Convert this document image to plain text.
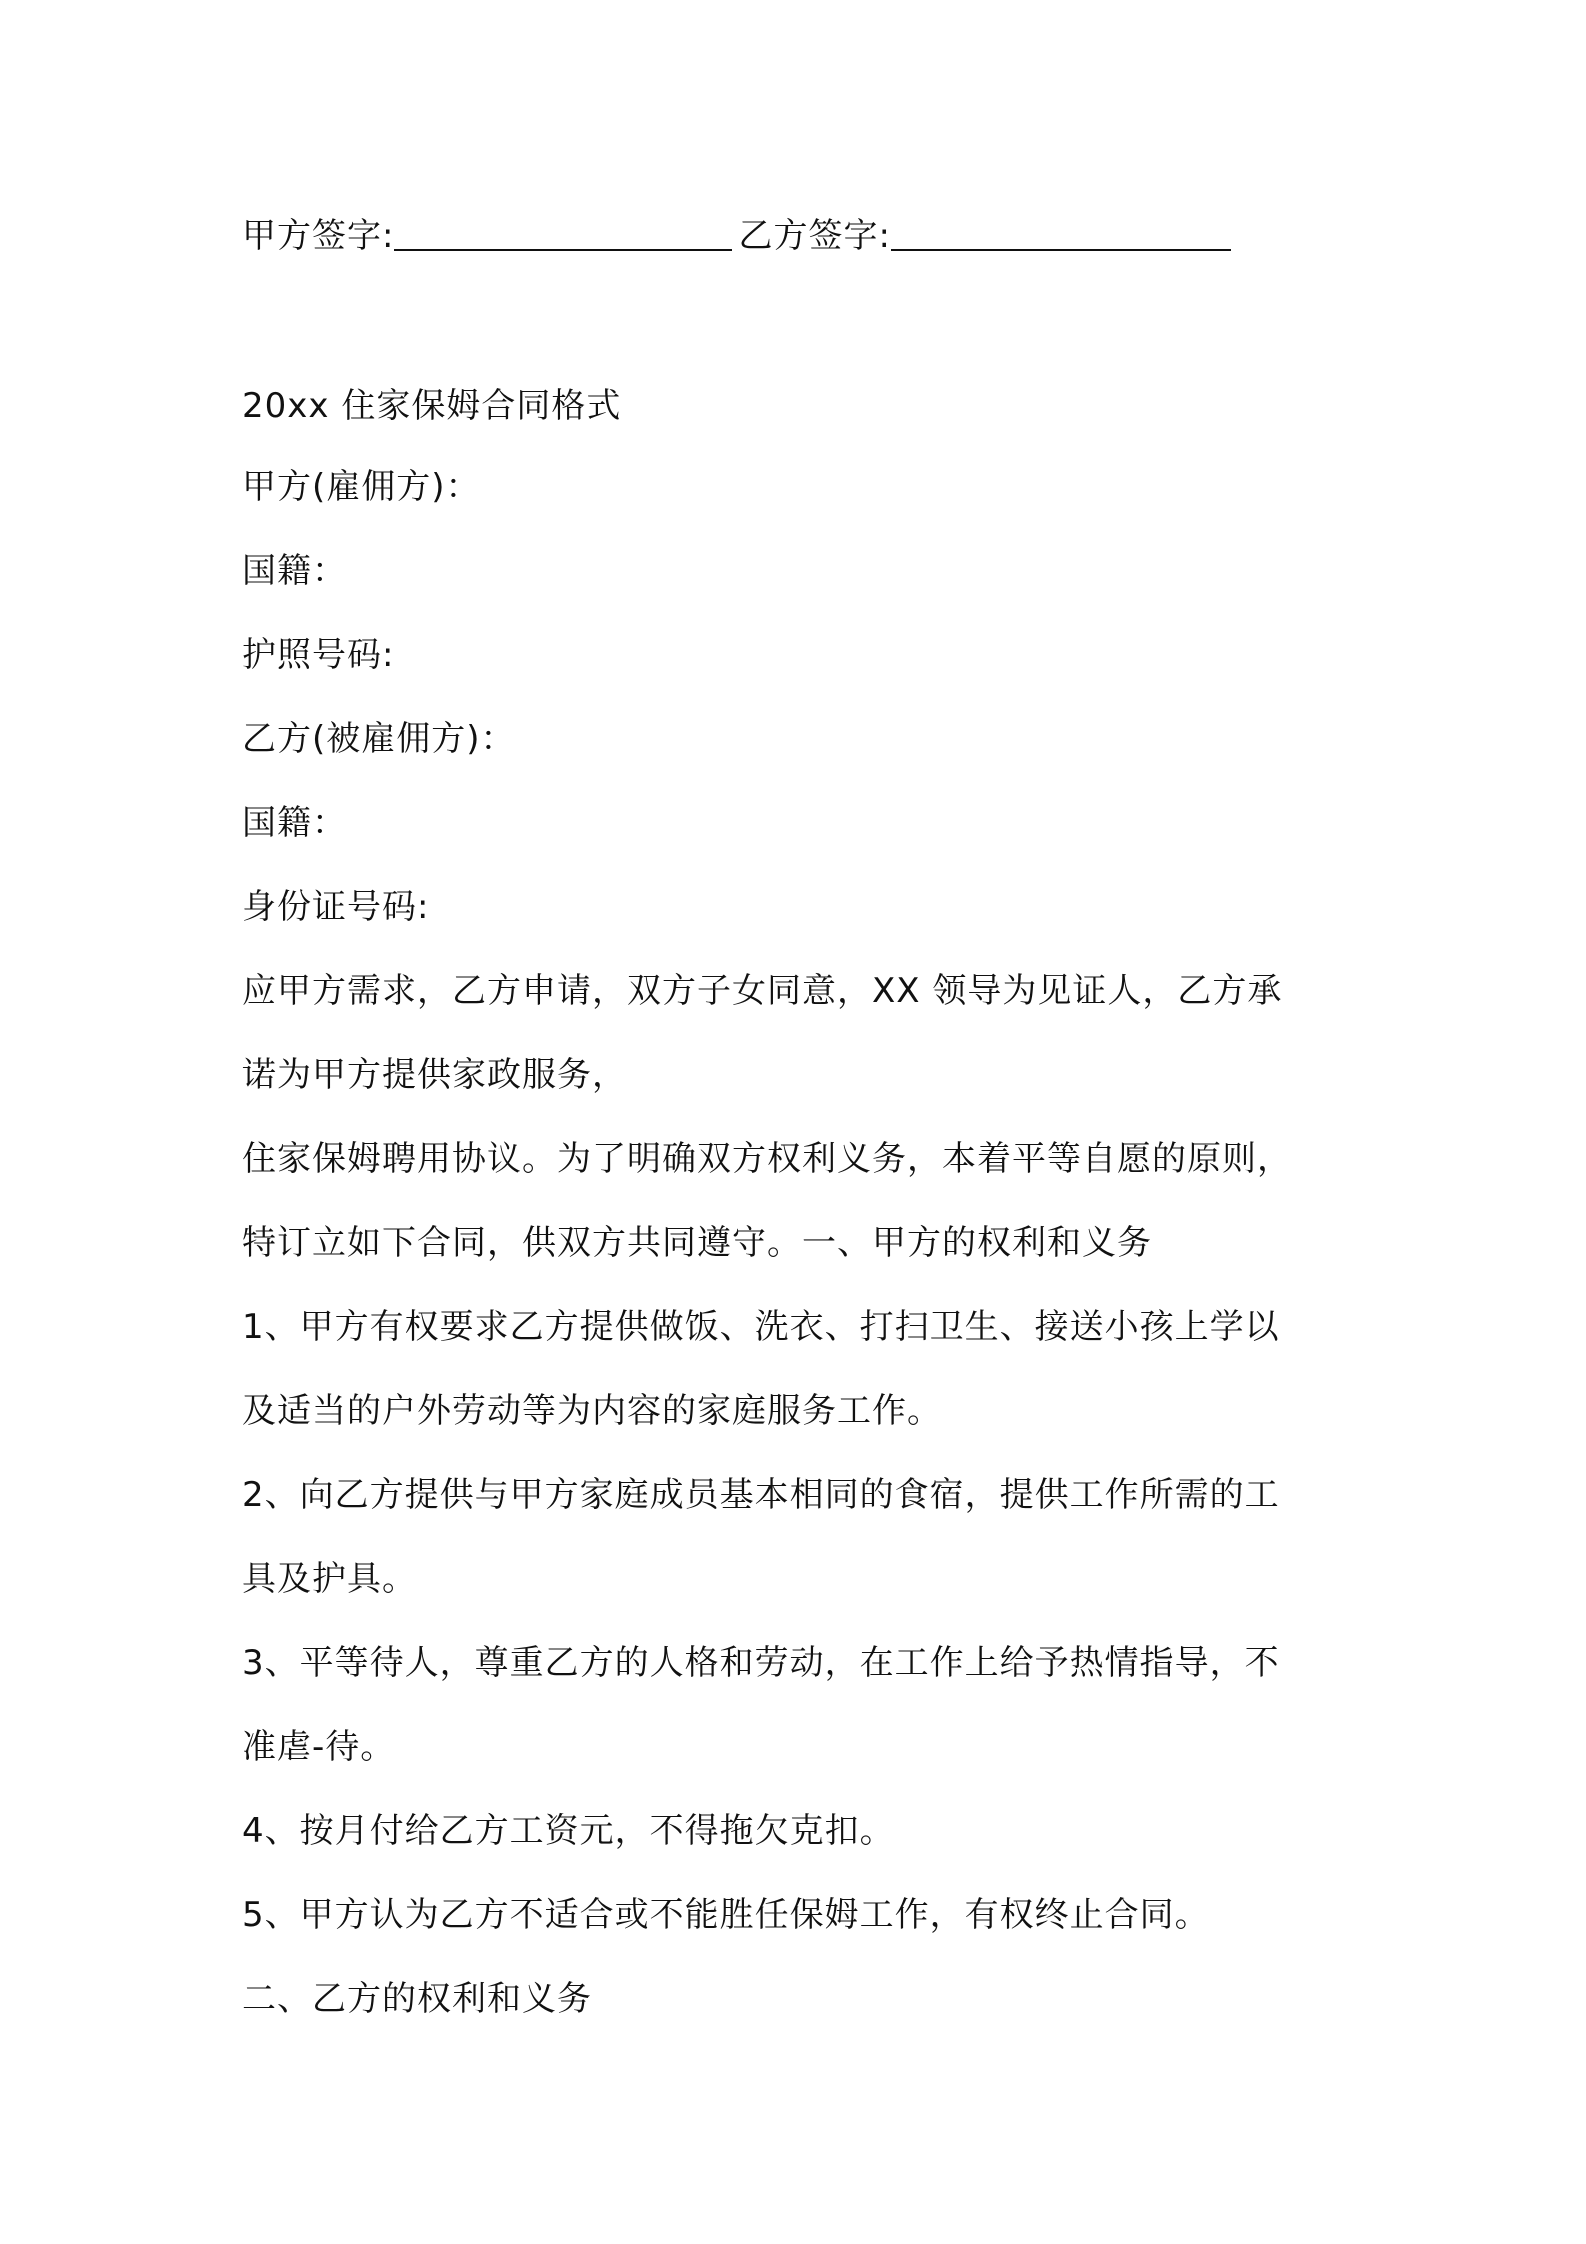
甲方签字:	乙方签字:
20xx 住家保姆合同格式
甲方(雇佣方)：
国籍：
护照号码:
乙方(被雇佣方)：
国籍：
身份证号码:
应甲方需求，乙方申请，双方子女同意，XX 领导为见证人，乙方承
诺为甲方提供家政服务，
住家保姆聘用协议。为了明确双方权利义务，本着平等自愿的原则，
特订立如下合同，供双方共同遵守。一、甲方的权利和义务
1、甲方有权要求乙方提供做饭、洗衣、打扫卫生、接送小孩上学以
及适当的户外劳动等为内容的家庭服务工作。
2、向乙方提供与甲方家庭成员基本相同的食宿，提供工作所需的工
具及护具。
3、平等待人，尊重乙方的人格和劳动，在工作上给予热情指导，不
准虐-待。
4、按月付给乙方工资元，不得拖欠克扣。
5、甲方认为乙方不适合或不能胜任保姆工作，有权终止合同。
二、乙方的权利和义务
